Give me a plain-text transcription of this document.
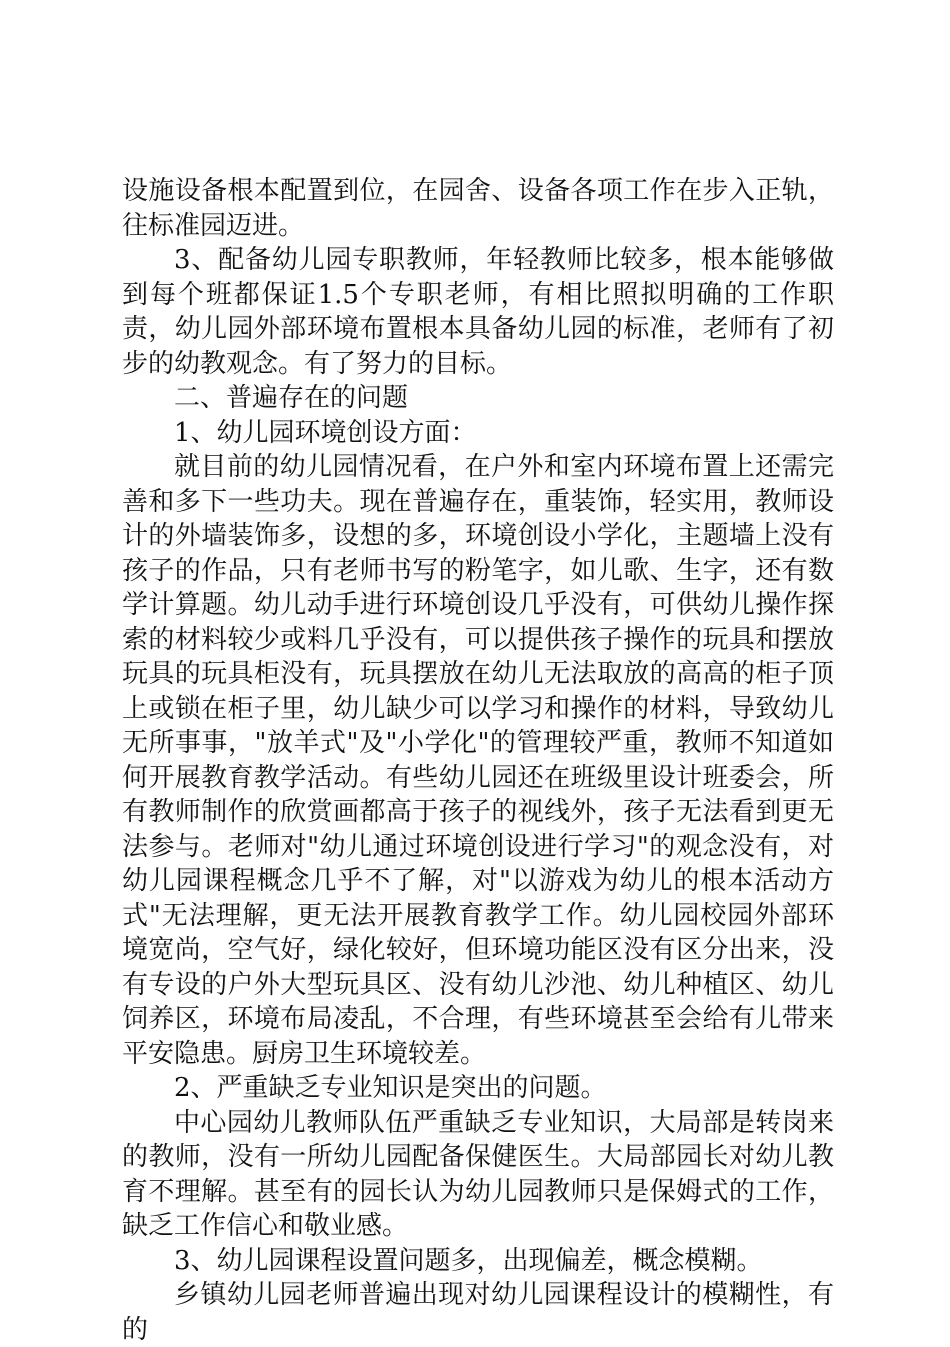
设施设备根本配置到位，在园舍、设备各项工作在步入正轨，往标准园迈进。

3、配备幼儿园专职教师，年轻教师比较多，根本能够做到每个班都保证1.5个专职老师，有相比照拟明确的工作职责，幼儿园外部环境布置根本具备幼儿园的标准，老师有了初步的幼教观念。有了努力的目标。

二、普遍存在的问题

1、幼儿园环境创设方面：

就目前的幼儿园情况看，在户外和室内环境布置上还需完善和多下一些功夫。现在普遍存在，重装饰，轻实用，教师设计的外墙装饰多，设想的多，环境创设小学化，主题墙上没有孩子的作品，只有老师书写的粉笔字，如儿歌、生字，还有数学计算题。幼儿动手进行环境创设几乎没有，可供幼儿操作探索的材料较少或料几乎没有，可以提供孩子操作的玩具和摆放玩具的玩具柜没有，玩具摆放在幼儿无法取放的高高的柜子顶上或锁在柜子里，幼儿缺少可以学习和操作的材料，导致幼儿无所事事，"放羊式"及"小学化"的管理较严重，教师不知道如何开展教育教学活动。有些幼儿园还在班级里设计班委会，所有教师制作的欣赏画都高于孩子的视线外，孩子无法看到更无法参与。老师对"幼儿通过环境创设进行学习"的观念没有，对幼儿园课程概念几乎不了解，对"以游戏为幼儿的根本活动方式"无法理解，更无法开展教育教学工作。幼儿园校园外部环境宽尚，空气好，绿化较好，但环境功能区没有区分出来，没有专设的户外大型玩具区、没有幼儿沙池、幼儿种植区、幼儿饲养区，环境布局凌乱，不合理，有些环境甚至会给有儿带来平安隐患。厨房卫生环境较差。

2、严重缺乏专业知识是突出的问题。

中心园幼儿教师队伍严重缺乏专业知识，大局部是转岗来的教师，没有一所幼儿园配备保健医生。大局部园长对幼儿教育不理解。甚至有的园长认为幼儿园教师只是保姆式的工作，缺乏工作信心和敬业感。

3、幼儿园课程设置问题多，出现偏差，概念模糊。

乡镇幼儿园老师普遍出现对幼儿园课程设计的模糊性，有的
